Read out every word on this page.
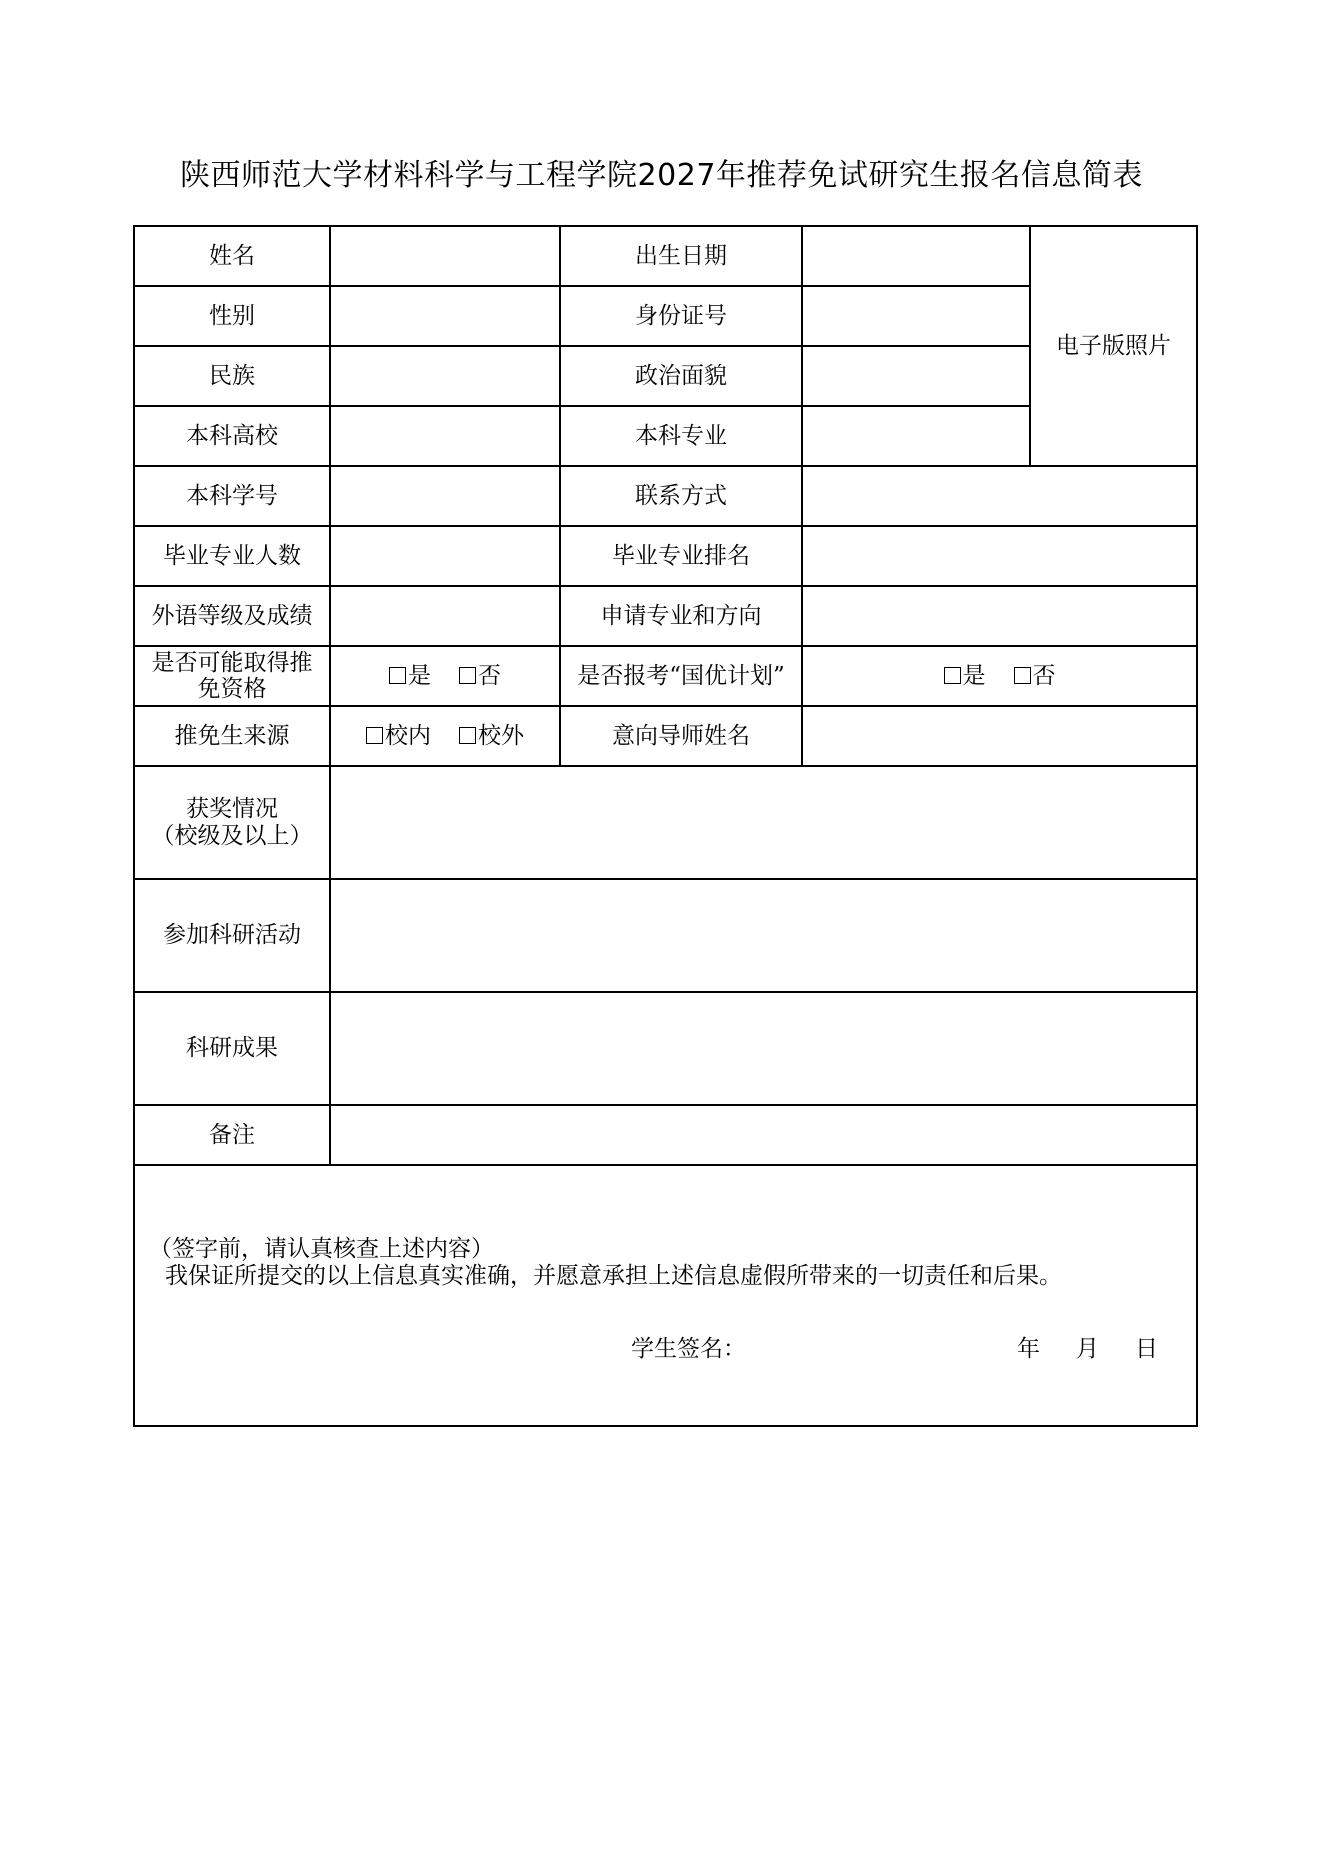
陕西师范大学材料科学与工程学院2027年推荐免试研究生报名信息简表
姓名		出生日期		电子版照片
性别		身份证号		
民族		政治面貌		
本科高校		本科专业		
本科学号		联系方式		
毕业专业人数		毕业专业排名		
外语等级及成绩		申请专业和方向		
是否可能取得推免资格	是 否	是否报考“国优计划”	是 否	
推免生来源	校内 校外	意向导师姓名		

获奖情况
（校级及以上）				

参加科研活动				
科研成果				
备注				

（签字前，请认真核查上述内容）
我保证所提交的以上信息真实准确，并愿意承担上述信息虚假所带来的一切责任和后果。
学生签名： 年 月 日				
